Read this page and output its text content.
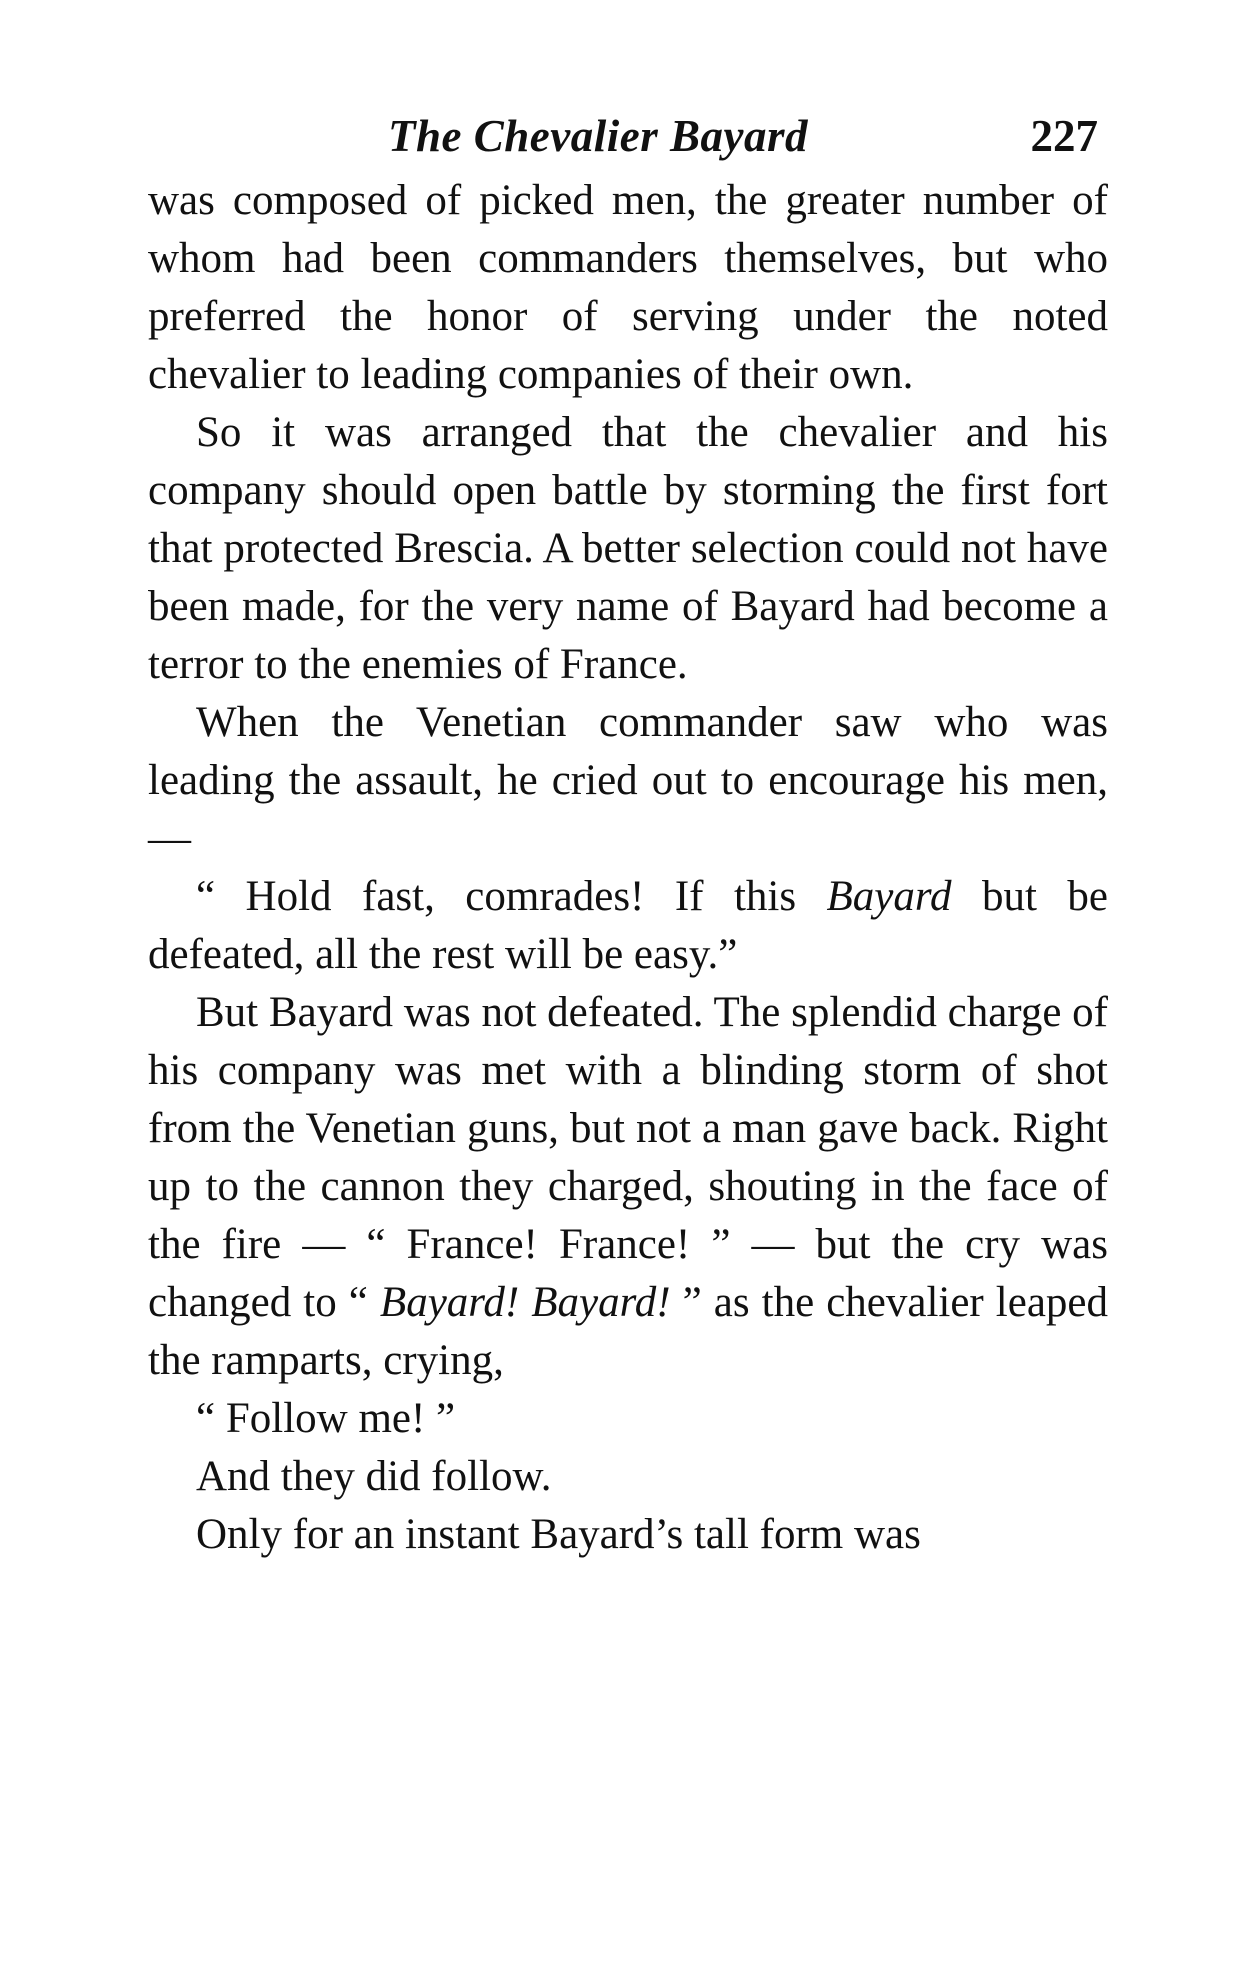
The Chevalier Bayard	227

was composed of picked men, the greater number of whom had been commanders themselves, but who preferred the honor of serving under the noted chevalier to leading companies of their own.

So it was arranged that the chevalier and his company should open battle by storming the first fort that protected Brescia. A better selection could not have been made, for the very name of Bayard had become a terror to the enemies of France.

When the Venetian commander saw who was leading the assault, he cried out to encourage his men, —

“ Hold fast, comrades! If this Bayard but be defeated, all the rest will be easy.”

But Bayard was not defeated. The splendid charge of his company was met with a blinding storm of shot from the Venetian guns, but not a man gave back. Right up to the cannon they charged, shouting in the face of the fire — “ France! France! ” — but the cry was changed to “ Bayard! Bayard! ” as the chevalier leaped the ramparts, crying,

“ Follow me! ”

And they did follow.

Only for an instant Bayard’s tall form was
